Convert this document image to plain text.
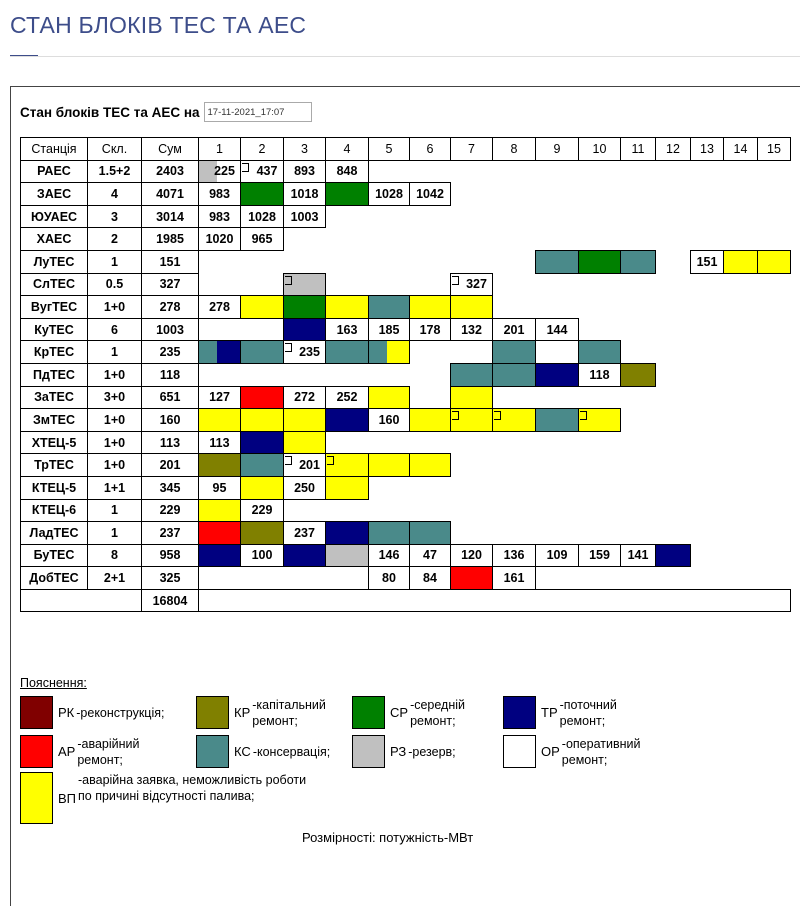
СТАН БЛОКІВ ТЕС ТА АЕС
Стан блоків ТЕС та АЕС на
17-11-2021_17:07
Станція	Скл.	Сум	1	2	3	4	5	6	7	8	9	10	11	12	13	14	15
РАЕС	1.5+2	2403	225	437	893	848											
ЗАЕС	4	4071	983		1018		1028	1042									
ЮУАЕС	3	3014	983	1028	1003												
ХАЕС	2	1985	1020	965													
ЛуТЕС	1	151													151		
СлТЕС	0.5	327							327								
ВугТЕС	1+0	278	278														
КуТЕС	6	1003				163	185	178	132	201	144						
КрТЕС	1	235			235	

ПдТЕС	1+0	118										118					
ЗаТЕС	3+0	651	127		272	252											
ЗмТЕС	1+0	160					160		

ХТЕЦ-5	1+0	113	113														
ТрТЕС	1+0	201			201	

КТЕЦ-5	1+1	345	95		250												
КТЕЦ-6	1	229		229													
ЛадТЕС	1	237			237												
БуТЕС	8	958		100			146	47	120	136	109	159	141				
ДобТЕС	2+1	325					80	84		161							
		16804															
Пояснення:
РК -реконструкція;	КР
-капітальний ремонт;
СР
-середній ремонт;
ТР
-поточний ремонт;
АР
-аварійний ремонт;
КС -консервація;	РЗ -резерв;	ОР
-оперативний ремонт;
ВП
-аварійна заявка, неможливість роботи по причині відсутності палива;
Розмірності: потужність-МВт
